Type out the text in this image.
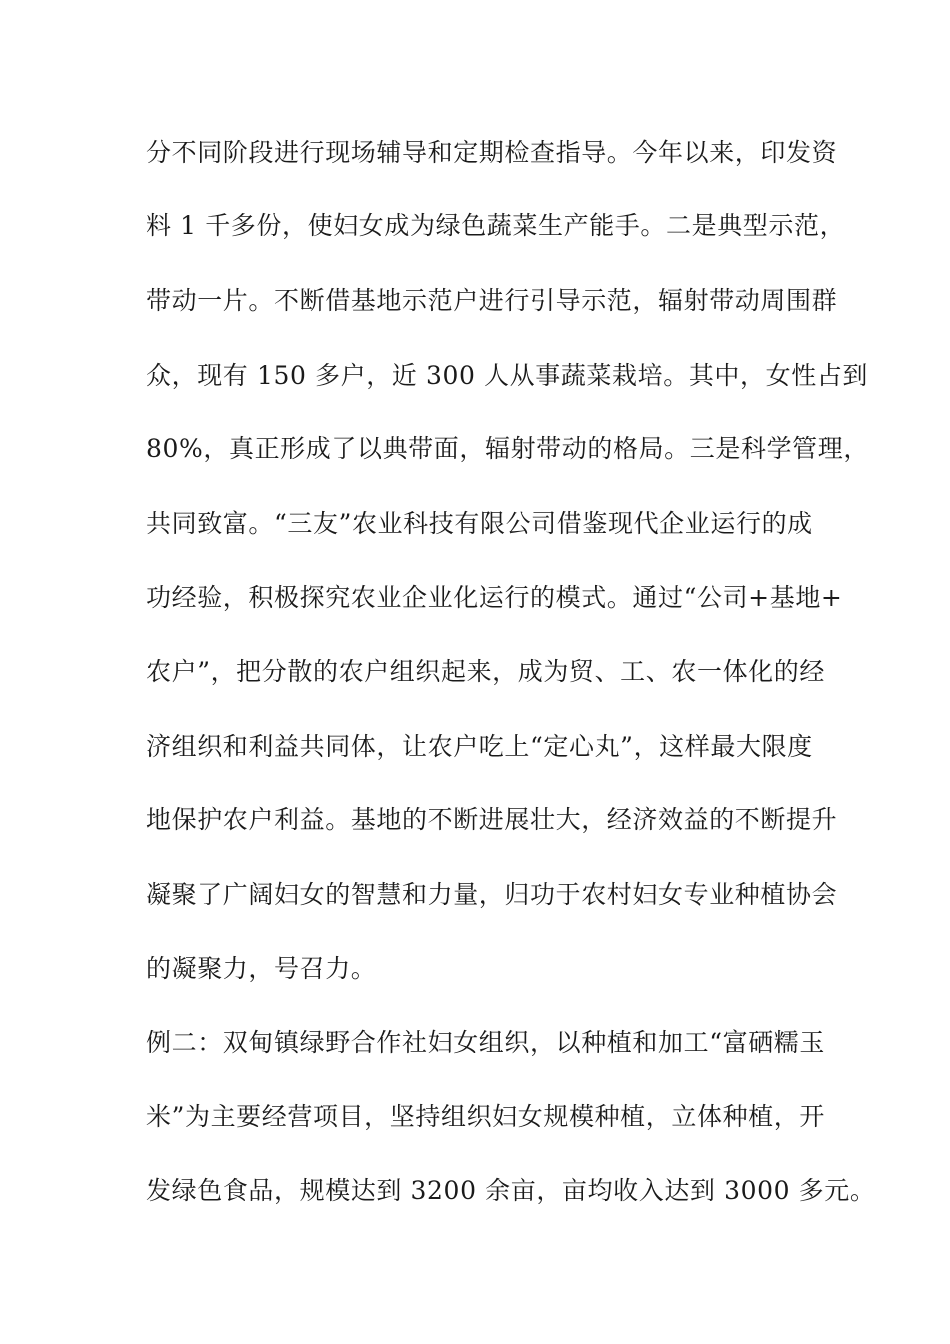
分不同阶段进行现场辅导和定期检查指导。今年以来，印发资
料 1 千多份，使妇女成为绿色蔬菜生产能手。二是典型示范，
带动一片。不断借基地示范户进行引导示范，辐射带动周围群
众，现有 150 多户，近 300 人从事蔬菜栽培。其中，女性占到
80%，真正形成了以典带面，辐射带动的格局。三是科学管理，
共同致富。“三友”农业科技有限公司借鉴现代企业运行的成
功经验，积极探究农业企业化运行的模式。通过“公司+基地+
农户”，把分散的农户组织起来，成为贸、工、农一体化的经
济组织和利益共同体，让农户吃上“定心丸”，这样最大限度
地保护农户利益。基地的不断进展壮大，经济效益的不断提升
凝聚了广阔妇女的智慧和力量，归功于农村妇女专业种植协会
的凝聚力，号召力。
例二：双甸镇绿野合作社妇女组织，以种植和加工“富硒糯玉
米”为主要经营项目，坚持组织妇女规模种植，立体种植，开
发绿色食品，规模达到 3200 余亩，亩均收入达到 3000 多元。
